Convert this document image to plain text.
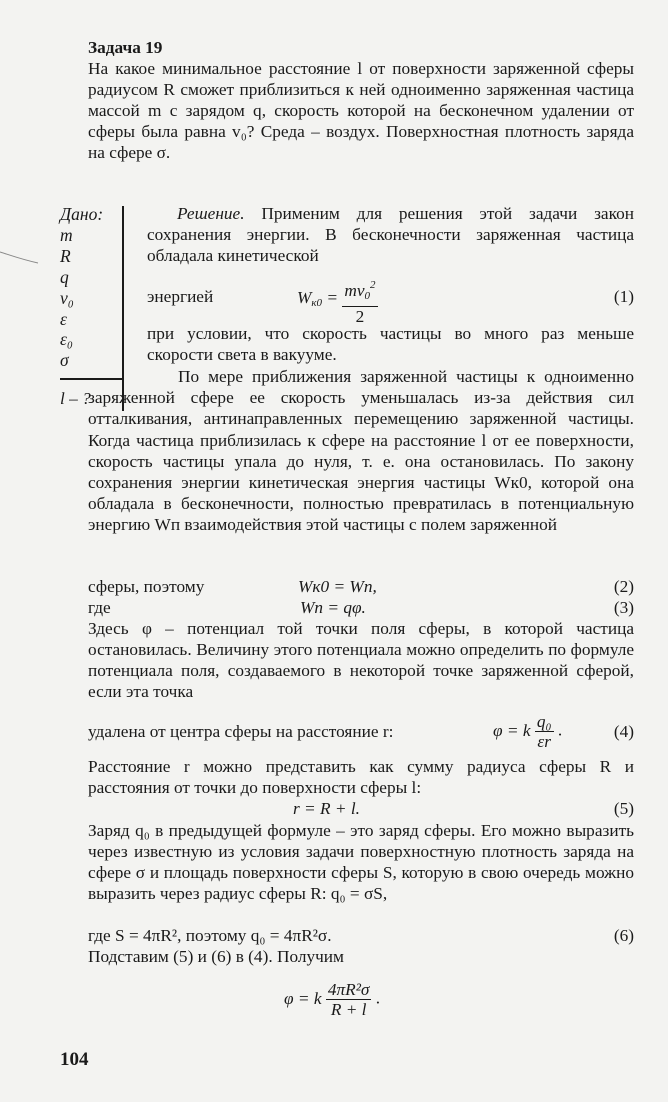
Задача 19
На какое минимальное расстояние l от поверхности заряженной сферы радиусом R сможет приблизиться к ней одноименно заряженная частица массой m с зарядом q, скорость которой на бесконечном удалении от сферы была равна v₀? Среда – воздух. Поверхностная плотность заряда на сфере σ.
Дано:
m
R
q
v₀
ε
ε₀
σ
l – ?
Решение. Применим для решения этой задачи закон сохранения энергии. В бесконечности заряженная частица обладала кинетической
энергией	$Wк0 = \frac{mv0^2}{2}$	(1)
при условии, что скорость частицы во много раз меньше скорости света в вакууме.
По мере приближения заряженной частицы к одноименно заряженной сфере ее скорость уменьшалась из-за действия сил отталкивания, антинаправленных перемещению заряженной частицы. Когда частица приблизилась к сфере на расстояние l от ее поверхности, скорость частицы упала до нуля, т. е. она остановилась. По закону сохранения энергии кинетическая энергия частицы Wк0, которой она обладала в бесконечности, полностью превратилась в потенциальную энергию Wп взаимодействия этой частицы с полем заряженной
сферы, поэтому	Wк0 = Wп,	(2)
где	Wп = qφ.	(3)
Здесь φ – потенциал той точки поля сферы, в которой частица остановилась. Величину этого потенциала можно определить по формуле потенциала поля, создаваемого в некоторой точке заряженной сферой, если эта точка
удалена от центра сферы на расстояние r:	φ = k $\frac{\text{q₀}}{\varepsilon r}$ .	(4)
Расстояние r можно представить как сумму радиуса сферы R и расстояния от точки до поверхности сферы l:
r = R + l.	(5)
Заряд q₀ в предыдущей формуле – это заряд сферы. Его можно выразить через известную из условия задачи поверхностную плотность заряда на сфере σ и площадь поверхности сферы S, которую в свою очередь можно выразить через радиус сферы R: q₀ = σS,
где S = 4πR², поэтому q₀ = 4πR²σ.	(6)
Подставим (5) и (6) в (4). Получим
φ = k $\frac{\text{4πR²σ}}{R + l}$ .
104
